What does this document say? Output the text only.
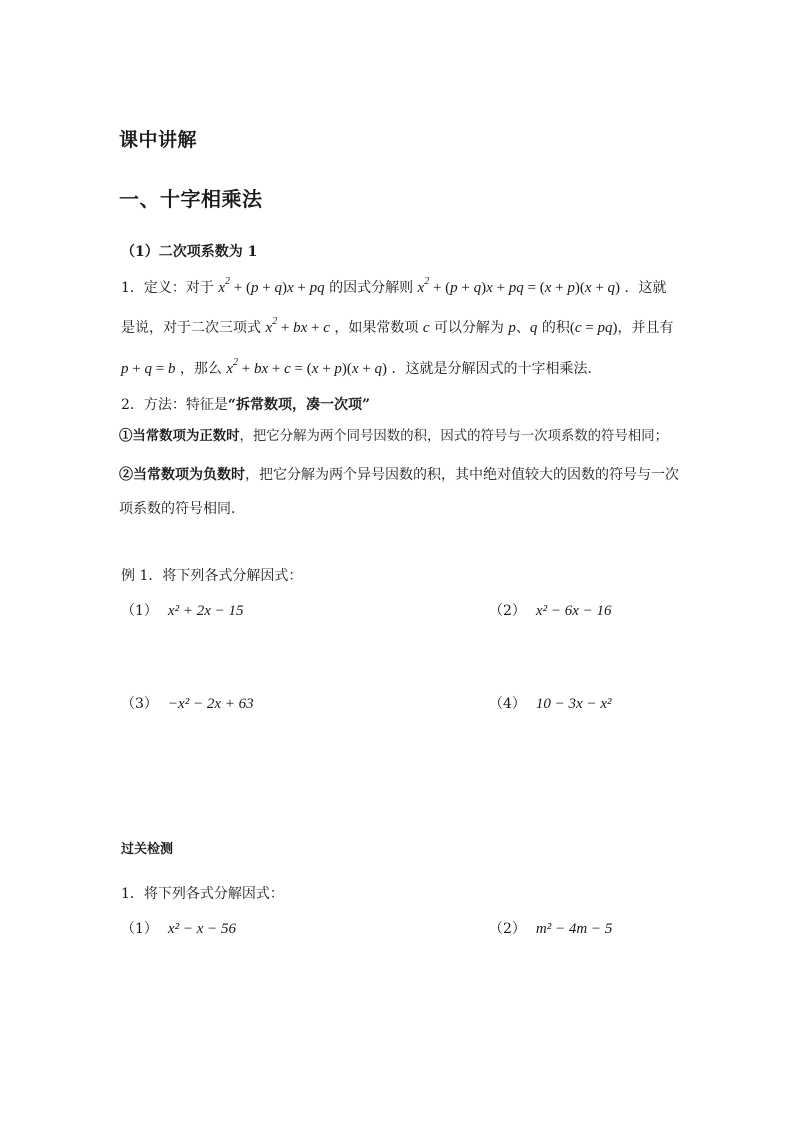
课中讲解
一、十字相乘法
（1）二次项系数为 1
1．定义：对于 $x^2 + (p + q)x$ + pq 的因式分解则 $x^2 + (p + q)x$ + pq = (x + p)(x + q) ．这就
是说，对于二次三项式 $x^2$ + bx + c ，如果常数项 c 可以分解为 p、q 的积(c = pq)，并且有
p + q = b ，那么 $x^2$ + bx + c = (x + p)(x + q) ．这就是分解因式的十字相乘法．
2．方法：特征是“拆常数项，凑一次项”
①当常数项为正数时，把它分解为两个同号因数的积，因式的符号与一次项系数的符号相同；
②当常数项为负数时，把它分解为两个异号因数的积，其中绝对值较大的因数的符号与一次
项系数的符号相同．
例 1．将下列各式分解因式：
（1） x² + 2x − 15	（2） x² − 6x − 16
（3） −x² − 2x + 63	（4） 10 − 3x − x²
过关检测
1．将下列各式分解因式：
（1） x² − x − 56	（2） m² − 4m − 5
